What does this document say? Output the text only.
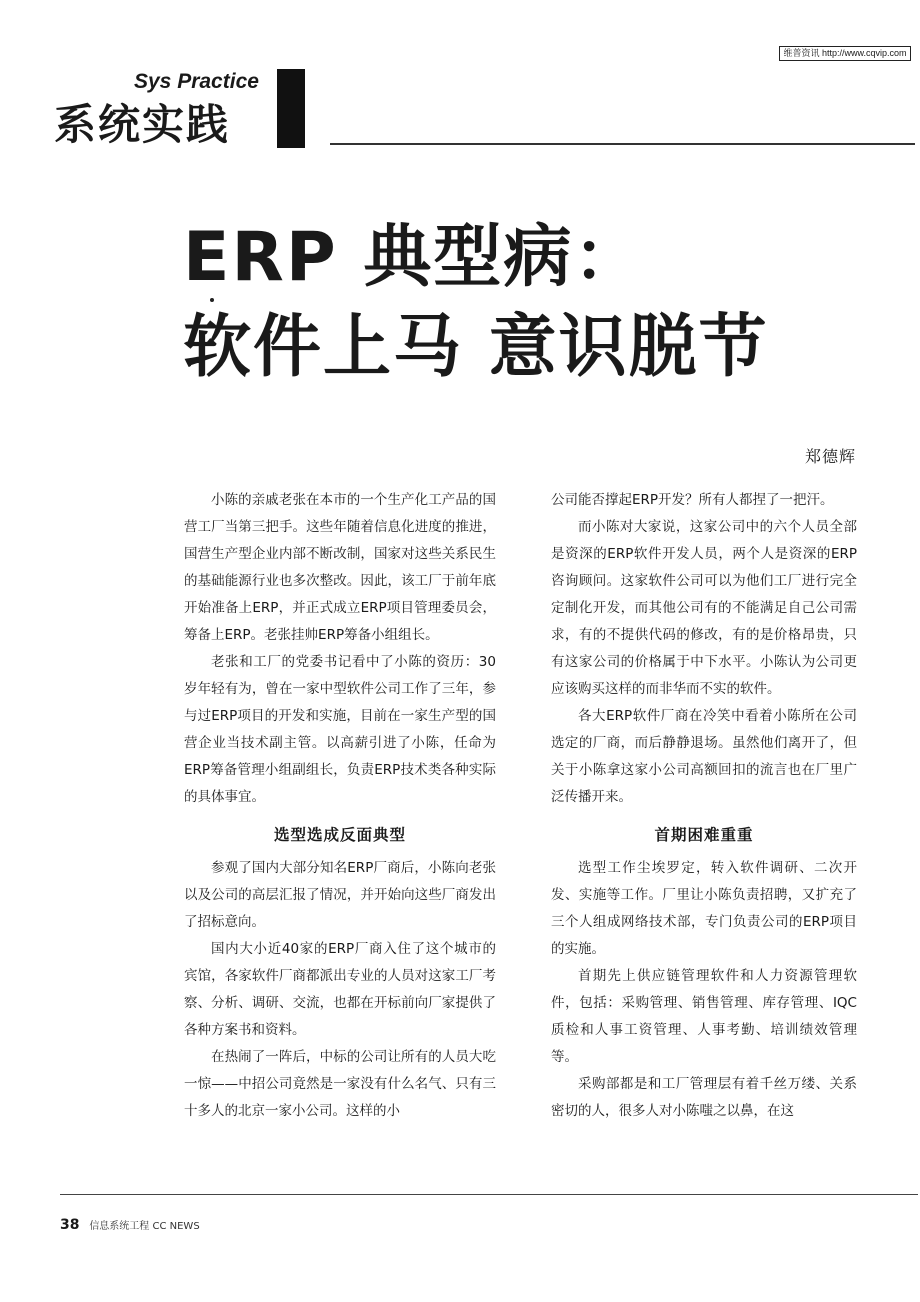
维普资讯 http://www.cqvip.com
Sys Practice
系统实践
ERP 典型病：
软件上马 意识脱节
郑德辉

小陈的亲戚老张在本市的一个生产化工产品的国营工厂当第三把手。这些年随着信息化进度的推进，国营生产型企业内部不断改制，国家对这些关系民生的基础能源行业也多次整改。因此，该工厂于前年底开始准备上ERP，并正式成立ERP项目管理委员会，筹备上ERP。老张挂帅ERP筹备小组组长。

老张和工厂的党委书记看中了小陈的资历：30岁年轻有为，曾在一家中型软件公司工作了三年，参与过ERP项目的开发和实施，目前在一家生产型的国营企业当技术副主管。以高薪引进了小陈，任命为ERP筹备管理小组副组长，负责ERP技术类各种实际的具体事宜。

选型选成反面典型

参观了国内大部分知名ERP厂商后，小陈向老张以及公司的高层汇报了情况，并开始向这些厂商发出了招标意向。

国内大小近40家的ERP厂商入住了这个城市的宾馆，各家软件厂商都派出专业的人员对这家工厂考察、分析、调研、交流，也都在开标前向厂家提供了各种方案书和资料。

在热闹了一阵后，中标的公司让所有的人员大吃一惊——中招公司竟然是一家没有什么名气、只有三十多人的北京一家小公司。这样的小

公司能否撑起ERP开发？所有人都捏了一把汗。

而小陈对大家说，这家公司中的六个人员全部是资深的ERP软件开发人员，两个人是资深的ERP咨询顾问。这家软件公司可以为他们工厂进行完全定制化开发，而其他公司有的不能满足自己公司需求，有的不提供代码的修改，有的是价格昂贵，只有这家公司的价格属于中下水平。小陈认为公司更应该购买这样的而非华而不实的软件。

各大ERP软件厂商在冷笑中看着小陈所在公司选定的厂商，而后静静退场。虽然他们离开了，但关于小陈拿这家小公司高额回扣的流言也在厂里广泛传播开来。

首期困难重重

选型工作尘埃罗定，转入软件调研、二次开发、实施等工作。厂里让小陈负责招聘，又扩充了三个人组成网络技术部，专门负责公司的ERP项目的实施。

首期先上供应链管理软件和人力资源管理软件，包括：采购管理、销售管理、库存管理、IQC质检和人事工资管理、人事考勤、培训绩效管理等。

采购部都是和工厂管理层有着千丝万缕、关系密切的人，很多人对小陈嗤之以鼻，在这

38 信息系统工程 CC NEWS
